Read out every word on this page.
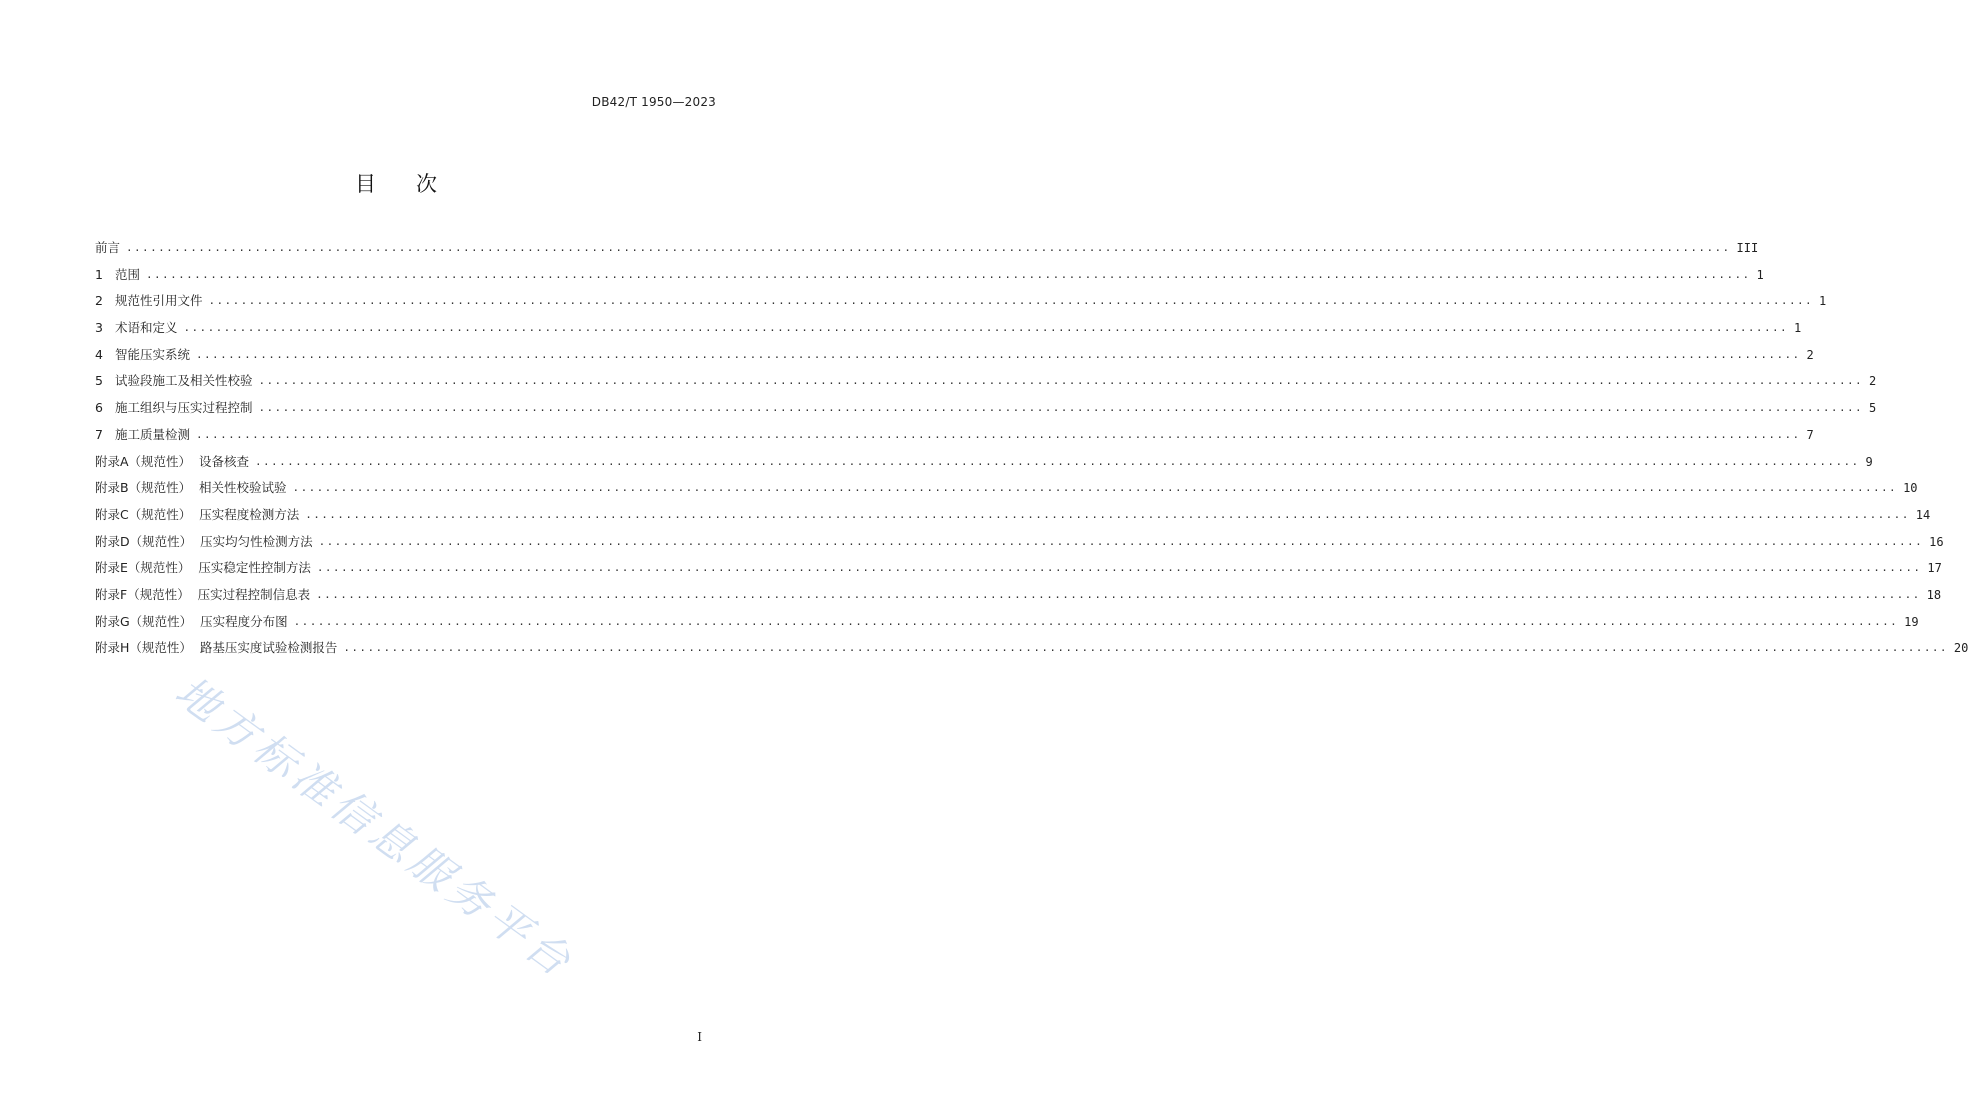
DB42/T 1950—2023
目 次
前言 ........................................................................................................................................................................................................ III
1 范围 ........................................................................................................................................................................................................ 1
2 规范性引用文件 ........................................................................................................................................................................................................ 1
3 术语和定义 ........................................................................................................................................................................................................ 1
4 智能压实系统 ........................................................................................................................................................................................................ 2
5 试验段施工及相关性校验 ........................................................................................................................................................................................................ 2
6 施工组织与压实过程控制 ........................................................................................................................................................................................................ 5
7 施工质量检测 ........................................................................................................................................................................................................ 7
附录A（规范性） 设备核查 ........................................................................................................................................................................................................ 9
附录B（规范性） 相关性校验试验 ........................................................................................................................................................................................................ 10
附录C（规范性） 压实程度检测方法 ........................................................................................................................................................................................................ 14
附录D（规范性） 压实均匀性检测方法 ........................................................................................................................................................................................................ 16
附录E（规范性） 压实稳定性控制方法 ........................................................................................................................................................................................................ 17
附录F（规范性） 压实过程控制信息表 ........................................................................................................................................................................................................ 18
附录G（规范性） 压实程度分布图 ........................................................................................................................................................................................................ 19
附录H（规范性） 路基压实度试验检测报告 ........................................................................................................................................................................................................ 20
地方标准信息服务平台
I
